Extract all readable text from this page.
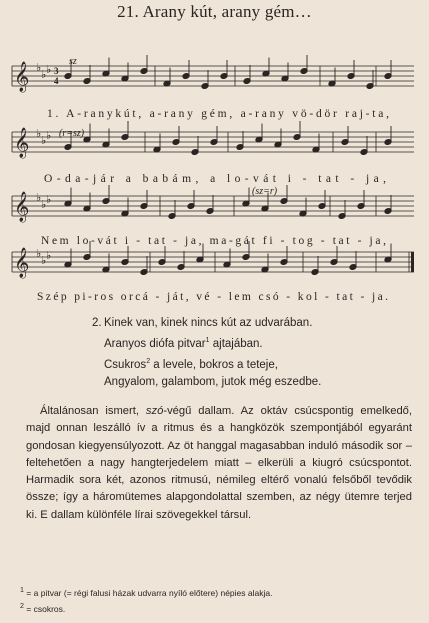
21. Arany kút, arany gém…
𝄞 ♭
♭ ♭ 3
4
𝄞 ♭
♭ ♭
𝄞 ♭
♭ ♭
𝄞 ♭
♭ ♭
sz
(r=sz)
(sz=r)
1. A-ranykút, a-rany gém, a-rany vö-dör raj-ta,
O-da-jár a babám, a lo-vát i - tat - ja,
Nem lo-vát i - tat - ja, ma-gát fi - tog - tat - ja,
Szép pi-ros orcá - ját, vé - lem csó - kol - tat - ja.
2. Kinek van, kinek nincs kút az udvarában.
Aranyos diófa pitvar$^1$ ajtajában.
Csukros$^2$ a levele, bokros a teteje,
Angyalom, galambom, jutok még eszedbe.
Általánosan ismert, szó-végű dallam. Az oktáv csúcspontig emelkedő, majd onnan leszálló ív a ritmus és a hangközök szempontjából egyaránt gondosan kiegyensúlyozott. Az öt hanggal magasabban induló második sor – feltehetően a nagy hangterjedelem miatt – elkerüli a kiugró csúcspontot. Harmadik sora két, azonos ritmusú, némileg eltérő vonalú felsőből tevődik össze; így a háromütemes alapgondolattal szemben, az négy ütemre terjed ki. E dallam különféle lírai szövegekkel társul.
$^1$ = a pitvar (= régi falusi házak udvarra nyíló előtere) népies alakja.
$^2$ = csokros.
